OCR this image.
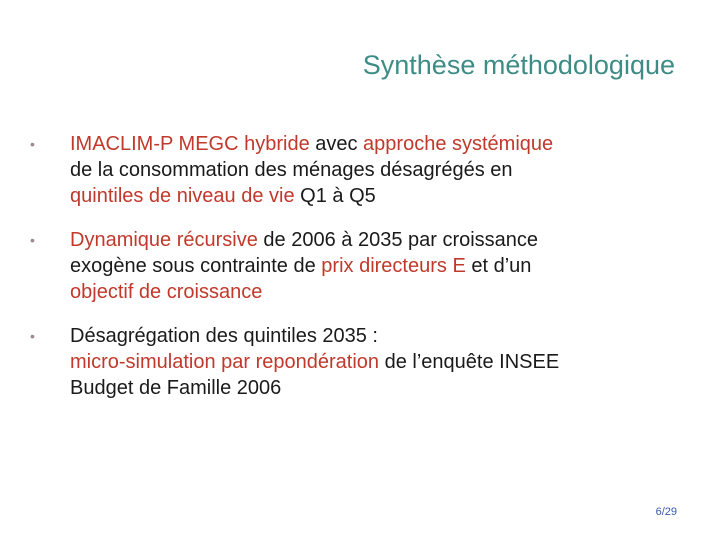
Synthèse méthodologique
• IMACLIM-P MEGC hybride avec approche systémique
de la consommation des ménages désagrégés en
quintiles de niveau de vie Q1 à Q5
• Dynamique récursive de 2006 à 2035 par croissance
exogène sous contrainte de prix directeurs E et d’un
objectif de croissance
• Désagrégation des quintiles 2035 :
micro-simulation par repondération de l’enquête INSEE
Budget de Famille 2006
6/29
